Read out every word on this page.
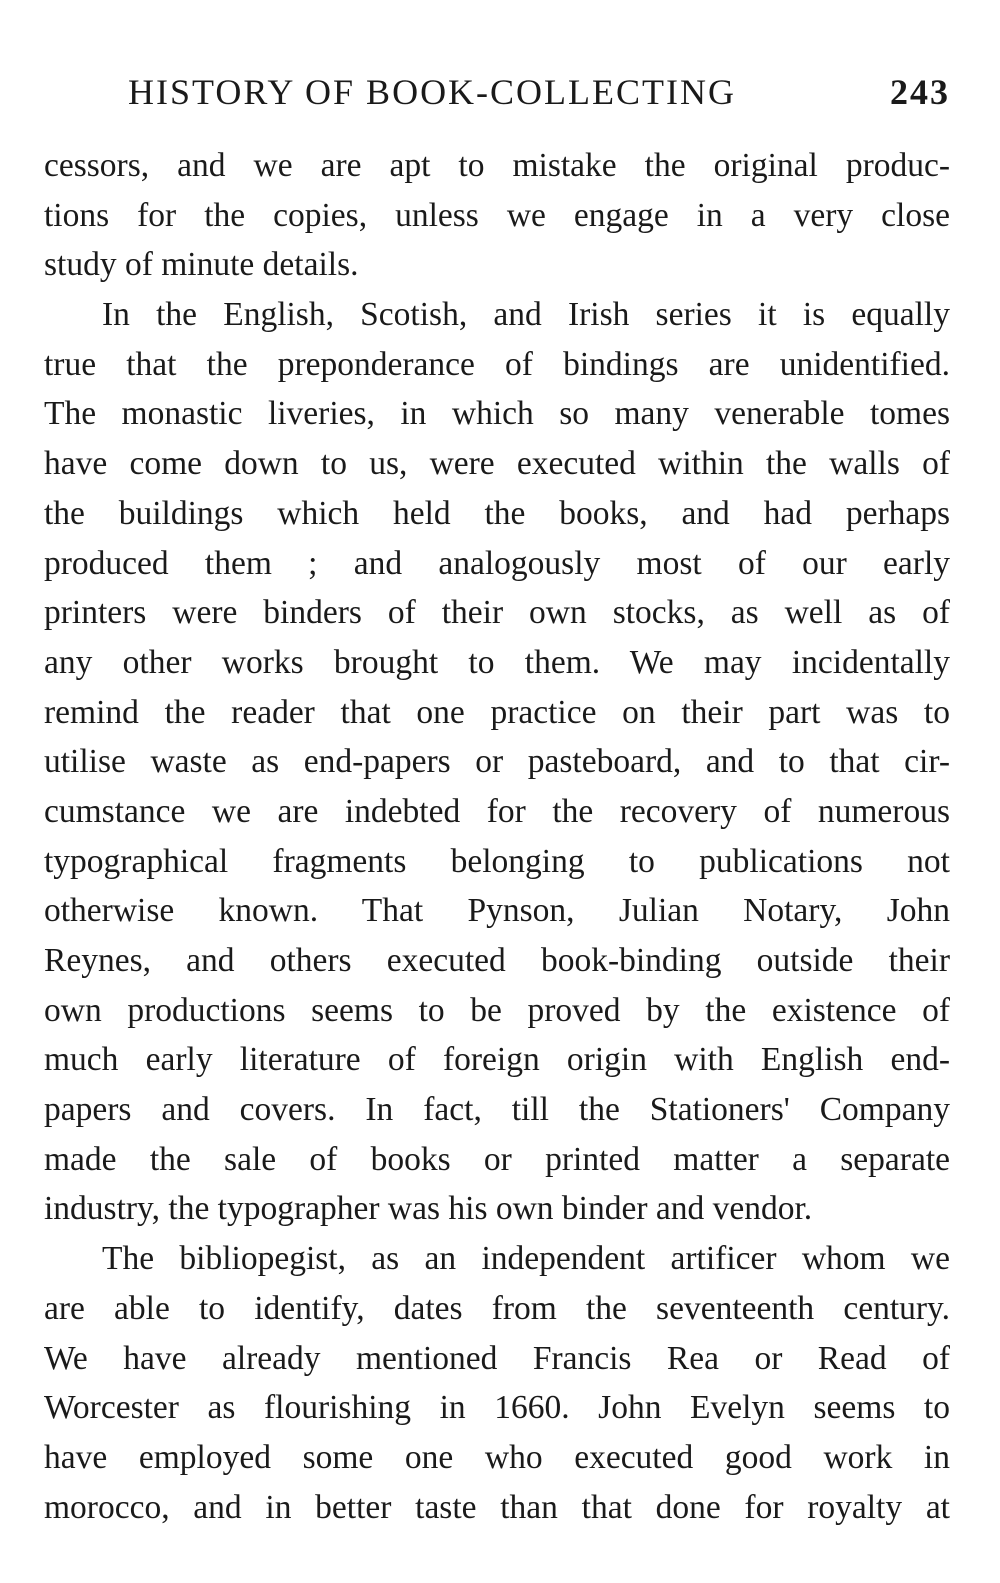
HISTORY OF BOOK-COLLECTING	243
cessors, and we are apt to mistake the original produc-
tions for the copies, unless we engage in a very close
study of minute details.
In the English, Scotish, and Irish series it is equally
true that the preponderance of bindings are unidentified.
The monastic liveries, in which so many venerable tomes
have come down to us, were executed within the walls of
the buildings which held the books, and had perhaps
produced them ; and analogously most of our early
printers were binders of their own stocks, as well as of
any other works brought to them. We may incidentally
remind the reader that one practice on their part was to
utilise waste as end-papers or pasteboard, and to that cir-
cumstance we are indebted for the recovery of numerous
typographical fragments belonging to publications not
otherwise known. That Pynson, Julian Notary, John
Reynes, and others executed book-binding outside their
own productions seems to be proved by the existence of
much early literature of foreign origin with English end-
papers and covers. In fact, till the Stationers' Company
made the sale of books or printed matter a separate
industry, the typographer was his own binder and vendor.
The bibliopegist, as an independent artificer whom we
are able to identify, dates from the seventeenth century.
We have already mentioned Francis Rea or Read of
Worcester as flourishing in 1660. John Evelyn seems to
have employed some one who executed good work in
morocco, and in better taste than that done for royalty at
